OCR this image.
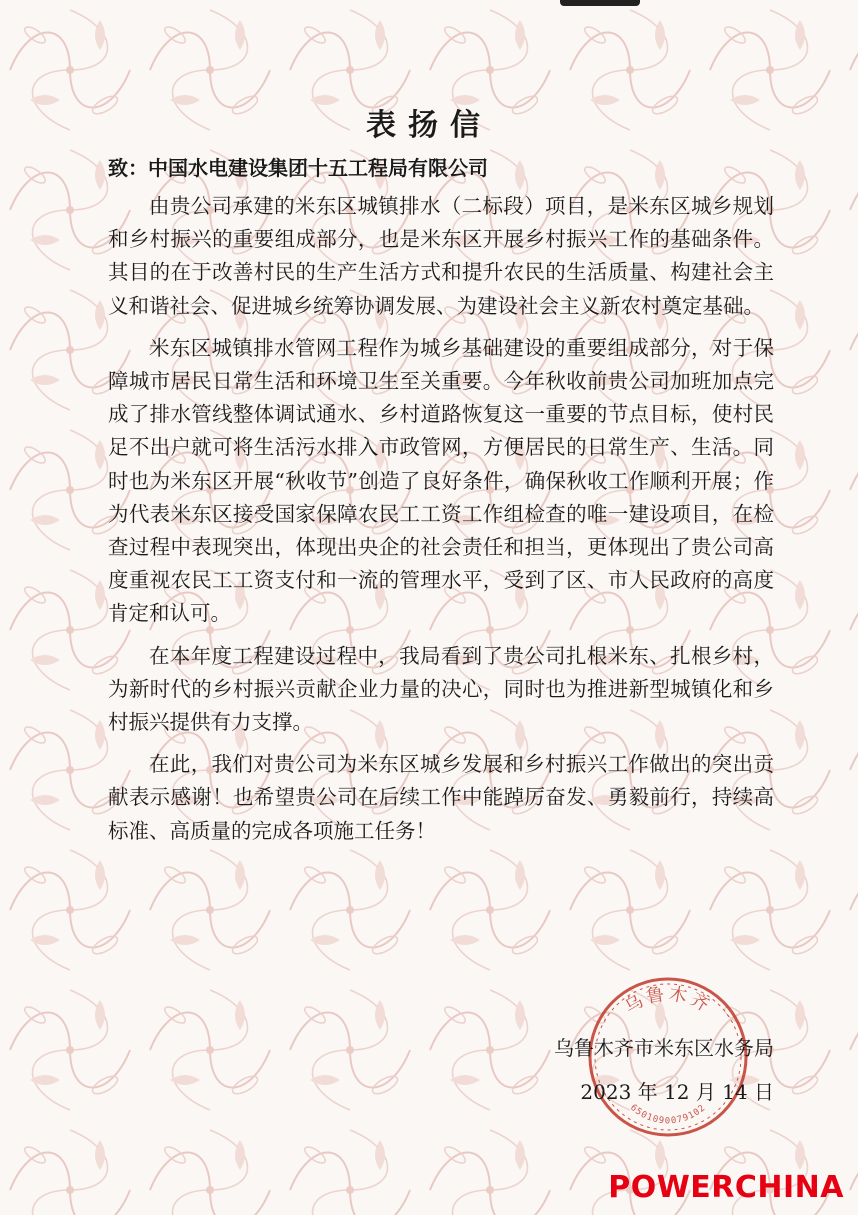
表扬信
致：中国水电建设集团十五工程局有限公司

由贵公司承建的米东区城镇排水（二标段）项目，是米东区城乡规划和乡村振兴的重要组成部分，也是米东区开展乡村振兴工作的基础条件。其目的在于改善村民的生产生活方式和提升农民的生活质量、构建社会主义和谐社会、促进城乡统筹协调发展、为建设社会主义新农村奠定基础。

米东区城镇排水管网工程作为城乡基础建设的重要组成部分，对于保障城市居民日常生活和环境卫生至关重要。今年秋收前贵公司加班加点完成了排水管线整体调试通水、乡村道路恢复这一重要的节点目标，使村民足不出户就可将生活污水排入市政管网，方便居民的日常生产、生活。同时也为米东区开展“秋收节”创造了良好条件，确保秋收工作顺利开展；作为代表米东区接受国家保障农民工工资工作组检查的唯一建设项目，在检查过程中表现突出，体现出央企的社会责任和担当，更体现出了贵公司高度重视农民工工资支付和一流的管理水平，受到了区、市人民政府的高度肯定和认可。

在本年度工程建设过程中，我局看到了贵公司扎根米东、扎根乡村，为新时代的乡村振兴贡献企业力量的决心，同时也为推进新型城镇化和乡村振兴提供有力支撑。

在此，我们对贵公司为米东区城乡发展和乡村振兴工作做出的突出贡献表示感谢！也希望贵公司在后续工作中能踔厉奋发、勇毅前行，持续高标准、高质量的完成各项施工任务！

乌鲁木齐
6501090079102
乌鲁木齐市米东区水务局
2023 年 12 月 14 日
POWERCHINA
